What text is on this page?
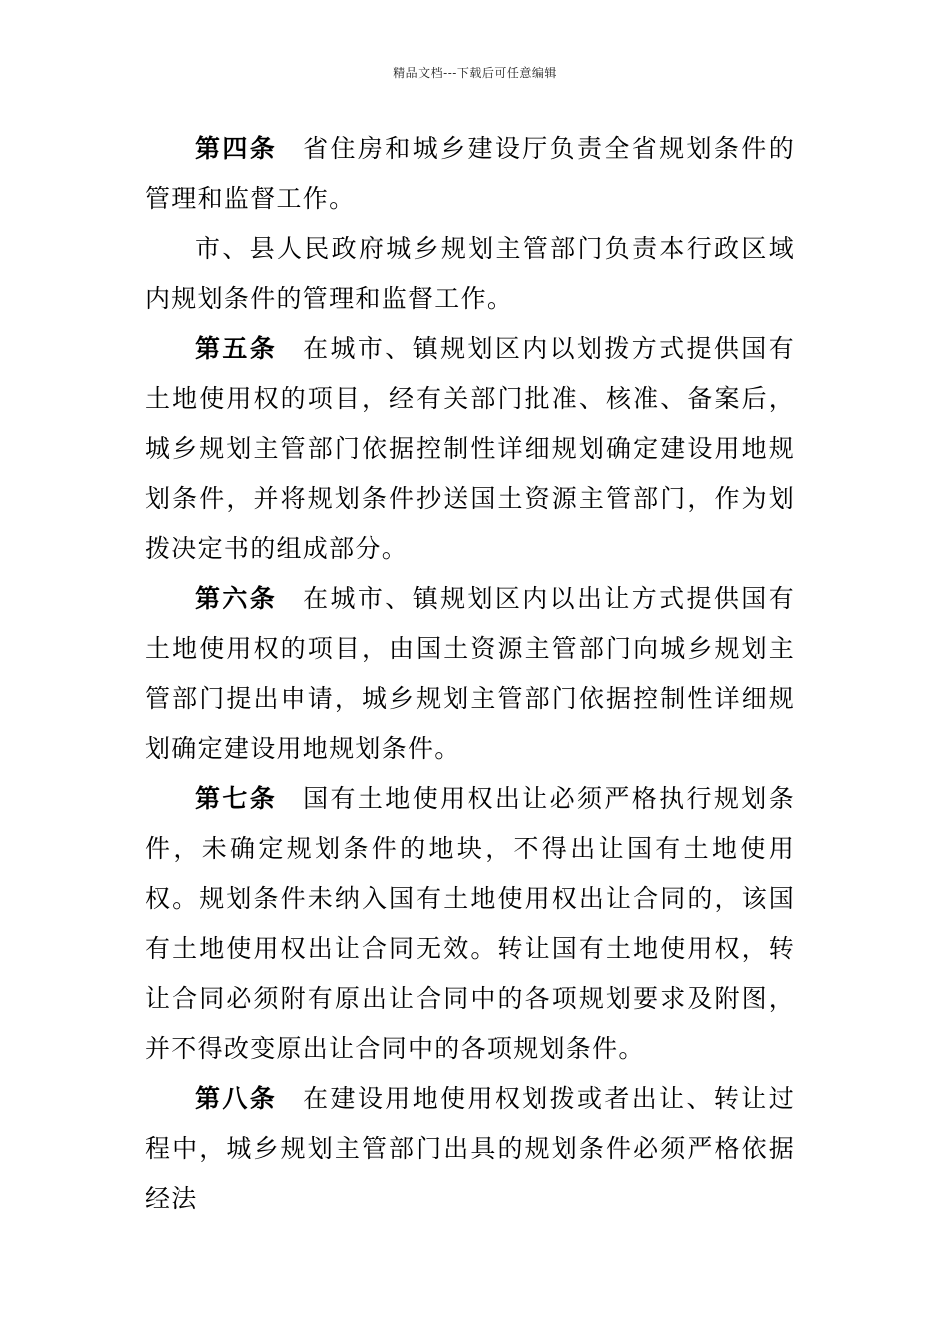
精品文档---下载后可任意编辑

第四条 省住房和城乡建设厅负责全省规划条件的管理和监督工作。

市、县人民政府城乡规划主管部门负责本行政区域内规划条件的管理和监督工作。

第五条 在城市、镇规划区内以划拨方式提供国有土地使用权的项目，经有关部门批准、核准、备案后，城乡规划主管部门依据控制性详细规划确定建设用地规划条件，并将规划条件抄送国土资源主管部门，作为划拨决定书的组成部分。

第六条 在城市、镇规划区内以出让方式提供国有土地使用权的项目，由国土资源主管部门向城乡规划主管部门提出申请，城乡规划主管部门依据控制性详细规划确定建设用地规划条件。

第七条 国有土地使用权出让必须严格执行规划条件，未确定规划条件的地块，不得出让国有土地使用权。规划条件未纳入国有土地使用权出让合同的，该国有土地使用权出让合同无效。转让国有土地使用权，转让合同必须附有原出让合同中的各项规划要求及附图，并不得改变原出让合同中的各项规划条件。

第八条 在建设用地使用权划拨或者出让、转让过程中，城乡规划主管部门出具的规划条件必须严格依据经法
